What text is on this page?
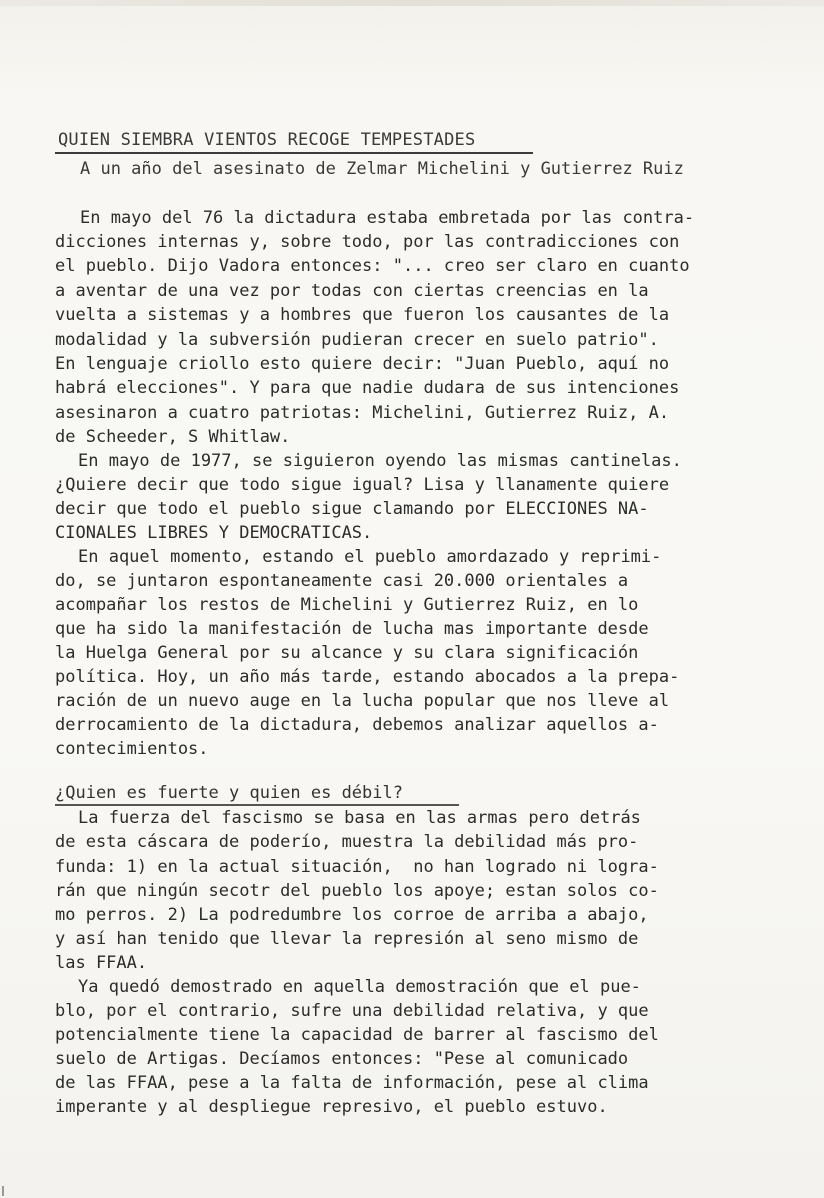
QUIEN SIEMBRA VIENTOS RECOGE TEMPESTADES
A un año del asesinato de Zelmar Michelini y Gutierrez Ruiz
En mayo del 76 la dictadura estaba embretada por las contra-
dicciones internas y, sobre todo, por las contradicciones con
el pueblo. Dijo Vadora entonces: "... creo ser claro en cuanto
a aventar de una vez por todas con ciertas creencias en la
vuelta a sistemas y a hombres que fueron los causantes de la
modalidad y la subversión pudieran crecer en suelo patrio".
En lenguaje criollo esto quiere decir: "Juan Pueblo, aquí no
habrá elecciones". Y para que nadie dudara de sus intenciones
asesinaron a cuatro patriotas: Michelini, Gutierrez Ruiz, A.
de Scheeder, S Whitlaw.
En mayo de 1977, se siguieron oyendo las mismas cantinelas.
¿Quiere decir que todo sigue igual? Lisa y llanamente quiere
decir que todo el pueblo sigue clamando por ELECCIONES NA-
CIONALES LIBRES Y DEMOCRATICAS.
En aquel momento, estando el pueblo amordazado y reprimi-
do, se juntaron espontaneamente casi 20.000 orientales a
acompañar los restos de Michelini y Gutierrez Ruiz, en lo
que ha sido la manifestación de lucha mas importante desde
la Huelga General por su alcance y su clara significación
política. Hoy, un año más tarde, estando abocados a la prepa-
ración de un nuevo auge en la lucha popular que nos lleve al
derrocamiento de la dictadura, debemos analizar aquellos a-
contecimientos.
¿Quien es fuerte y quien es débil?
La fuerza del fascismo se basa en las armas pero detrás
de esta cáscara de poderío, muestra la debilidad más pro-
funda: 1) en la actual situación,  no han logrado ni logra-
rán que ningún secotr del pueblo los apoye; estan solos co-
mo perros. 2) La podredumbre los corroe de arriba a abajo,
y así han tenido que llevar la represión al seno mismo de
las FFAA.
Ya quedó demostrado en aquella demostración que el pue-
blo, por el contrario, sufre una debilidad relativa, y que
potencialmente tiene la capacidad de barrer al fascismo del
suelo de Artigas. Decíamos entonces: "Pese al comunicado
de las FFAA, pese a la falta de información, pese al clima
imperante y al despliegue represivo, el pueblo estuvo.
